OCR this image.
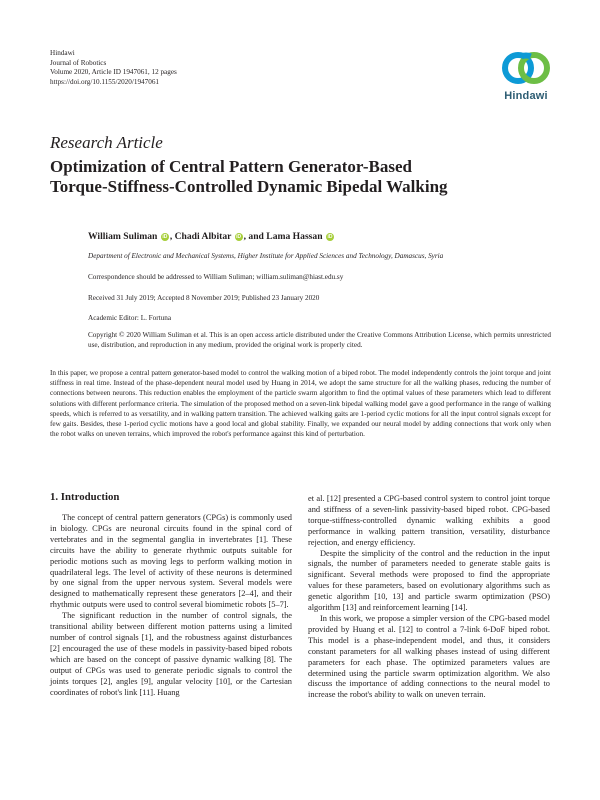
Hindawi
Journal of Robotics
Volume 2020, Article ID 1947061, 12 pages
https://doi.org/10.1155/2020/1947061
Hindawi
Research Article
Optimization of Central Pattern Generator-Based
Torque-Stiffness-Controlled Dynamic Bipedal Walking
William Suliman iD , Chadi Albitar iD , and Lama Hassan iD
Department of Electronic and Mechanical Systems, Higher Institute for Applied Sciences and Technology, Damascus, Syria
Correspondence should be addressed to William Suliman; william.suliman@hiast.edu.sy
Received 31 July 2019; Accepted 8 November 2019; Published 23 January 2020
Academic Editor: L. Fortuna
Copyright © 2020 William Suliman et al. This is an open access article distributed under the Creative Commons Attribution License, which permits unrestricted use, distribution, and reproduction in any medium, provided the original work is properly cited.
In this paper, we propose a central pattern generator-based model to control the walking motion of a biped robot. The model independently controls the joint torque and joint stiffness in real time. Instead of the phase-dependent neural model used by Huang in 2014, we adopt the same structure for all the walking phases, reducing the number of connections between neurons. This reduction enables the employment of the particle swarm algorithm to find the optimal values of these parameters which lead to different solutions with different performance criteria. The simulation of the proposed method on a seven-link bipedal walking model gave a good performance in the range of walking speeds, which is referred to as versatility, and in walking pattern transition. The achieved walking gaits are 1-period cyclic motions for all the input control signals except for few gaits. Besides, these 1-period cyclic motions have a good local and global stability. Finally, we expanded our neural model by adding connections that work only when the robot walks on uneven terrains, which improved the robot's performance against this kind of perturbation.
1. Introduction

The concept of central pattern generators (CPGs) is commonly used in biology. CPGs are neuronal circuits found in the spinal cord of vertebrates and in the segmental ganglia in invertebrates [1]. These circuits have the ability to generate rhythmic outputs suitable for periodic motions such as moving legs to perform walking motion in quadrilateral legs. The level of activity of these neurons is determined by one signal from the upper nervous system. Several models were designed to mathematically represent these generators [2–4], and their rhythmic outputs were used to control several biomimetic robots [5–7].

The significant reduction in the number of control signals, the transitional ability between different motion patterns using a limited number of control signals [1], and the robustness against disturbances [2] encouraged the use of these models in passivity-based biped robots which are based on the concept of passive dynamic walking [8]. The output of CPGs was used to generate periodic signals to control the joints torques [2], angles [9], angular velocity [10], or the Cartesian coordinates of robot's link [11]. Huang

et al. [12] presented a CPG-based control system to control joint torque and stiffness of a seven-link passivity-based biped robot. CPG-based torque-stiffness-controlled dynamic walking exhibits a good performance in walking pattern transition, versatility, disturbance rejection, and energy efficiency.

Despite the simplicity of the control and the reduction in the input signals, the number of parameters needed to generate stable gaits is significant. Several methods were proposed to find the appropriate values for these parameters, based on evolutionary algorithms such as genetic algorithm [10, 13] and particle swarm optimization (PSO) algorithm [13] and reinforcement learning [14].

In this work, we propose a simpler version of the CPG-based model provided by Huang et al. [12] to control a 7-link 6-DoF biped robot. This model is a phase-independent model, and thus, it considers constant parameters for all walking phases instead of using different parameters for each phase. The optimized parameters values are determined using the particle swarm optimization algorithm. We also discuss the importance of adding connections to the neural model to increase the robot's ability to walk on uneven terrain.
